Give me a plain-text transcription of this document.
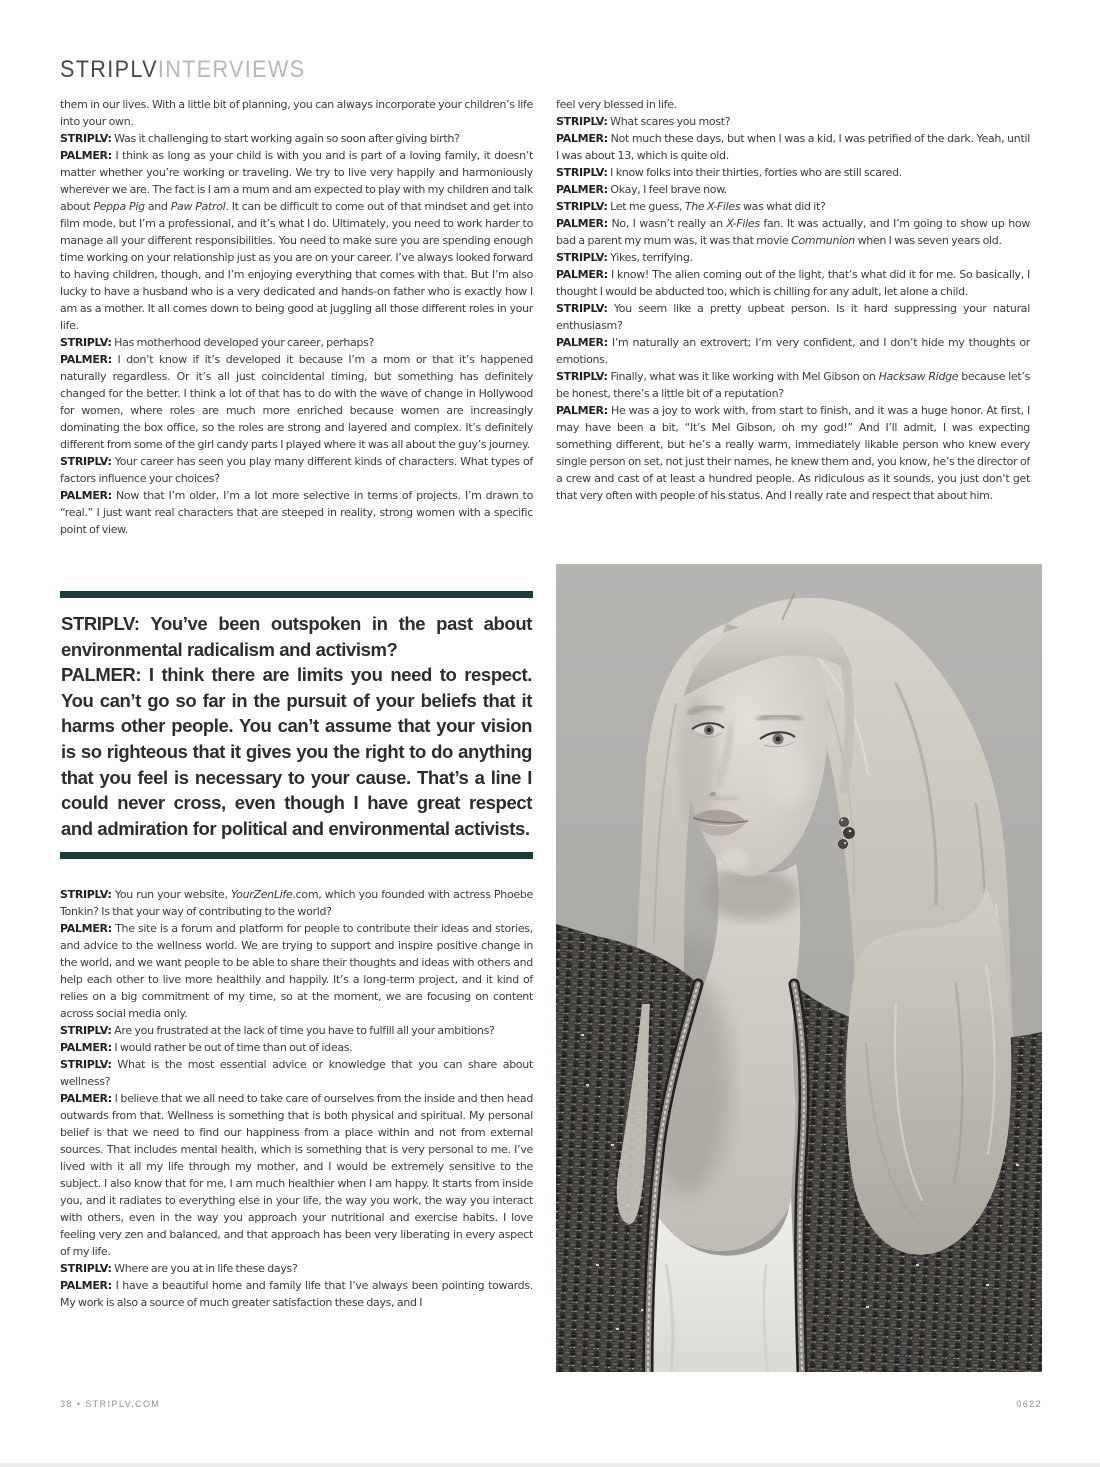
STRIPLVINTERVIEWS

them in our lives. With a little bit of planning, you can always incorporate your children’s life into your own.

STRIPLV: Was it challenging to start working again so soon after giving birth?

PALMER: I think as long as your child is with you and is part of a loving family, it doesn’t matter whether you’re working or traveling. We try to live very happily and harmoniously wherever we are. The fact is I am a mum and am expected to play with my children and talk about Peppa Pig and Paw Patrol. It can be difficult to come out of that mindset and get into film mode, but I’m a professional, and it’s what I do. Ultimately, you need to work harder to manage all your different responsibilities. You need to make sure you are spending enough time working on your relationship just as you are on your career. I’ve always looked forward to having children, though, and I’m enjoying everything that comes with that. But I’m also lucky to have a husband who is a very dedicated and hands-on father who is exactly how I am as a mother. It all comes down to being good at juggling all those different roles in your life.

STRIPLV: Has motherhood developed your career, perhaps?

PALMER: I don’t know if it’s developed it because I’m a mom or that it’s happened naturally regardless. Or it’s all just coincidental timing, but something has definitely changed for the better. I think a lot of that has to do with the wave of change in Hollywood for women, where roles are much more enriched because women are increasingly dominating the box office, so the roles are strong and layered and complex. It’s definitely different from some of the girl candy parts I played where it was all about the guy’s journey.

STRIPLV: Your career has seen you play many different kinds of characters. What types of factors influence your choices?

PALMER: Now that I’m older, I’m a lot more selective in terms of projects. I’m drawn to “real.” I just want real characters that are steeped in reality, strong women with a specific point of view.

STRIPLV: You’ve been outspoken in the past about environmental radicalism and activism?

PALMER: I think there are limits you need to respect. You can’t go so far in the pursuit of your beliefs that it harms other people. You can’t assume that your vision is so righteous that it gives you the right to do anything that you feel is necessary to your cause. That’s a line I could never cross, even though I have great respect and admiration for political and environmental activists.

STRIPLV: You run your website, YourZenLife.com, which you founded with actress Phoebe Tonkin? Is that your way of contributing to the world?

PALMER: The site is a forum and platform for people to contribute their ideas and stories, and advice to the wellness world. We are trying to support and inspire positive change in the world, and we want people to be able to share their thoughts and ideas with others and help each other to live more healthily and happily. It’s a long-term project, and it kind of relies on a big commitment of my time, so at the moment, we are focusing on content across social media only.

STRIPLV: Are you frustrated at the lack of time you have to fulfill all your ambitions?

PALMER: I would rather be out of time than out of ideas.

STRIPLV: What is the most essential advice or knowledge that you can share about wellness?

PALMER: I believe that we all need to take care of ourselves from the inside and then head outwards from that. Wellness is something that is both physical and spiritual. My personal belief is that we need to find our happiness from a place within and not from external sources. That includes mental health, which is something that is very personal to me. I’ve lived with it all my life through my mother, and I would be extremely sensitive to the subject. I also know that for me, I am much healthier when I am happy. It starts from inside you, and it radiates to everything else in your life, the way you work, the way you interact with others, even in the way you approach your nutritional and exercise habits. I love feeling very zen and balanced, and that approach has been very liberating in every aspect of my life.

STRIPLV: Where are you at in life these days?

PALMER: I have a beautiful home and family life that I’ve always been pointing towards. My work is also a source of much greater satisfaction these days, and I

feel very blessed in life.

STRIPLV: What scares you most?

PALMER: Not much these days, but when I was a kid, I was petrified of the dark. Yeah, until I was about 13, which is quite old.

STRIPLV: I know folks into their thirties, forties who are still scared.

PALMER: Okay, I feel brave now.

STRIPLV: Let me guess, The X-Files was what did it?

PALMER: No, I wasn’t really an X-Files fan. It was actually, and I’m going to show up how bad a parent my mum was, it was that movie Communion when I was seven years old.

STRIPLV: Yikes, terrifying.

PALMER: I know! The alien coming out of the light, that’s what did it for me. So basically, I thought I would be abducted too, which is chilling for any adult, let alone a child.

STRIPLV: You seem like a pretty upbeat person. Is it hard suppressing your natural enthusiasm?

PALMER: I’m naturally an extrovert; I’m very confident, and I don’t hide my thoughts or emotions.

STRIPLV: Finally, what was it like working with Mel Gibson on Hacksaw Ridge because let’s be honest, there’s a little bit of a reputation?

PALMER: He was a joy to work with, from start to finish, and it was a huge honor. At first, I may have been a bit, “It’s Mel Gibson, oh my god!” And I’ll admit, I was expecting something different, but he’s a really warm, immediately likable person who knew every single person on set, not just their names, he knew them and, you know, he’s the director of a crew and cast of at least a hundred people. As ridiculous as it sounds, you just don’t get that very often with people of his status. And I really rate and respect that about him.

38 • STRIPLV.COM	0622
